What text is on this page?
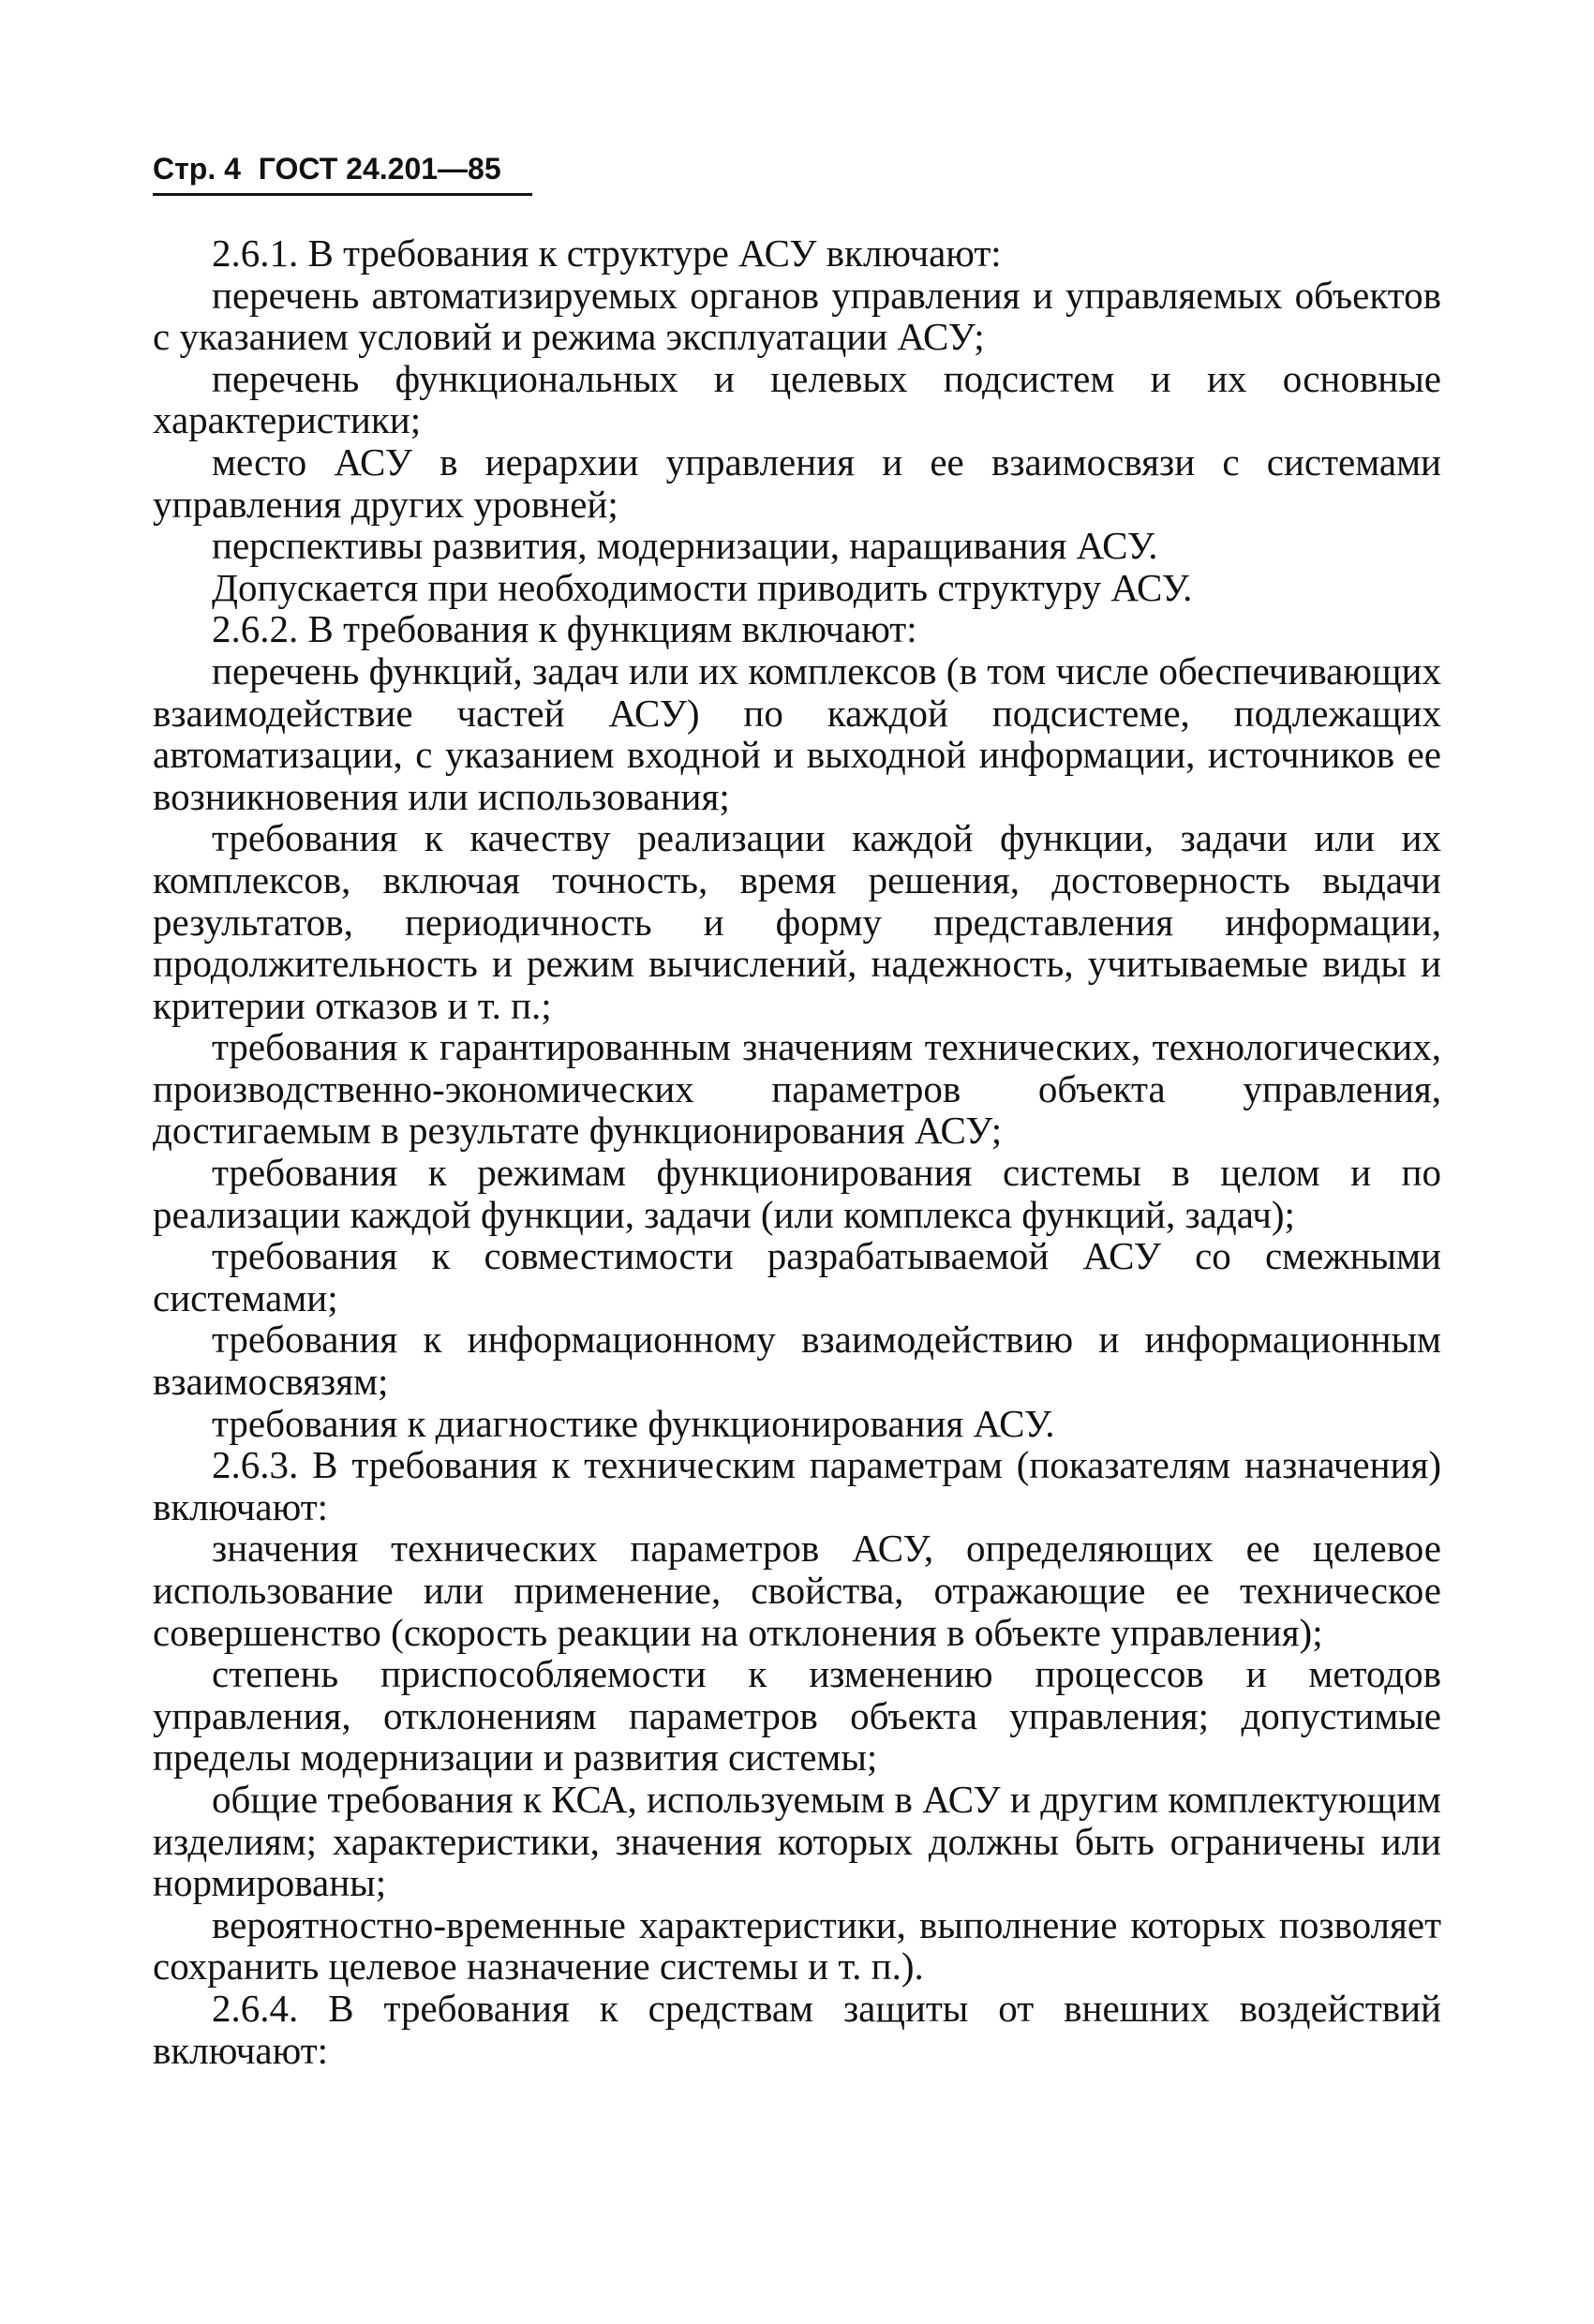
Стр. 4 ГОСТ 24.201—85

2.6.1. В требования к структуре АСУ включают:

перечень автоматизируемых органов управления и управляемых объектов с указанием условий и режима эксплуатации АСУ;

перечень функциональных и целевых подсистем и их основные характеристики;

место АСУ в иерархии управления и ее взаимосвязи с системами управления других уровней;

перспективы развития, модернизации, наращивания АСУ.

Допускается при необходимости приводить структуру АСУ.

2.6.2. В требования к функциям включают:

перечень функций, задач или их комплексов (в том числе обеспечивающих взаимодействие частей АСУ) по каждой подсистеме, подлежащих автоматизации, с указанием входной и выходной информации, источников ее возникновения или использования;

требования к качеству реализации каждой функции, задачи или их комплексов, включая точность, время решения, достоверность выдачи результатов, периодичность и форму представления информации, продолжительность и режим вычислений, надежность, учитываемые виды и критерии отказов и т. п.;

требования к гарантированным значениям технических, технологических, производственно-экономических параметров объекта управления, достигаемым в результате функционирования АСУ;

требования к режимам функционирования системы в целом и по реализации каждой функции, задачи (или комплекса функций, задач);

требования к совместимости разрабатываемой АСУ со смежными системами;

требования к информационному взаимодействию и информационным взаимосвязям;

требования к диагностике функционирования АСУ.

2.6.3. В требования к техническим параметрам (показателям назначения) включают:

значения технических параметров АСУ, определяющих ее целевое использование или применение, свойства, отражающие ее техническое совершенство (скорость реакции на отклонения в объекте управления);

степень приспособляемости к изменению процессов и методов управления, отклонениям параметров объекта управления; допустимые пределы модернизации и развития системы;

общие требования к КСА, используемым в АСУ и другим комплектующим изделиям; характеристики, значения которых должны быть ограничены или нормированы;

вероятностно-временные характеристики, выполнение которых позволяет сохранить целевое назначение системы и т. п.).

2.6.4. В требования к средствам защиты от внешних воздействий включают:
